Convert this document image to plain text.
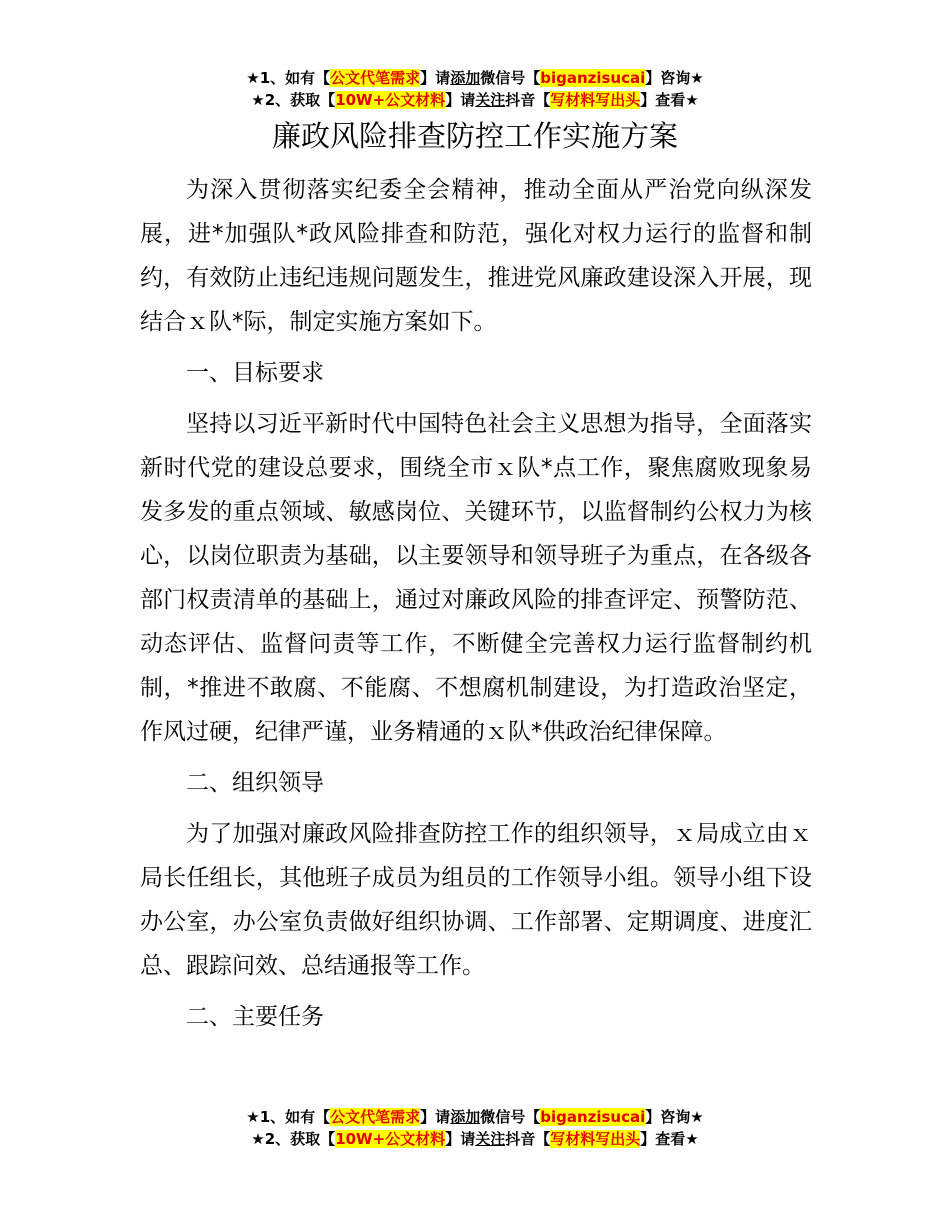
★1、如有【公文代笔需求】请添加微信号【biganzisucai】咨询★
★2、获取【10W+公文材料】请关注抖音【写材料写出头】查看★
廉政风险排查防控工作实施方案

为深入贯彻落实纪委全会精神，推动全面从严治党向纵深发展，进*加强队*政风险排查和防范，强化对权力运行的监督和制约，有效防止违纪违规问题发生，推进党风廉政建设深入开展，现结合ｘ队*际，制定实施方案如下。

一、目标要求

坚持以习近平新时代中国特色社会主义思想为指导，全面落实新时代党的建设总要求，围绕全市ｘ队*点工作，聚焦腐败现象易发多发的重点领域、敏感岗位、关键环节，以监督制约公权力为核心，以岗位职责为基础，以主要领导和领导班子为重点，在各级各部门权责清单的基础上，通过对廉政风险的排查评定、预警防范、动态评估、监督问责等工作，不断健全完善权力运行监督制约机制，*推进不敢腐、不能腐、不想腐机制建设，为打造政治坚定，作风过硬，纪律严谨，业务精通的ｘ队*供政治纪律保障。

二、组织领导

为了加强对廉政风险排查防控工作的组织领导，ｘ局成立由ｘ局长任组长，其他班子成员为组员的工作领导小组。领导小组下设办公室，办公室负责做好组织协调、工作部署、定期调度、进度汇总、跟踪问效、总结通报等工作。

二、主要任务

★1、如有【公文代笔需求】请添加微信号【biganzisucai】咨询★
★2、获取【10W+公文材料】请关注抖音【写材料写出头】查看★
